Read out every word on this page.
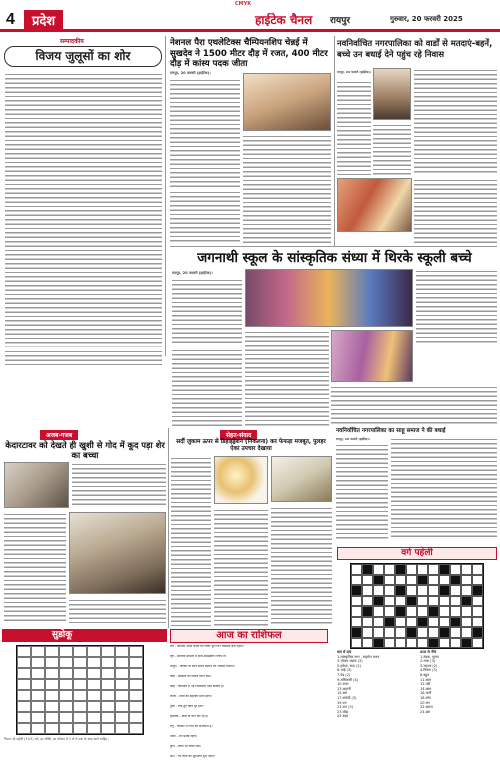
CMYK
4	प्रदेश	हाईटेक चैनल रायपुर	गुरुवार, 20 फरवरी 2025
सम्पादकीय
विजय जुलूसों का शोर
नेशनल पैरा एथलेटिक्स चैम्पियनशिप चेन्नई में सुखदेव ने 1500 मीटर दौड़ में रजत, 400 मीटर दौड़ में कांस्य पदक जीता
रायपुर, 20 फरवरी (हाईटेक)।
नवनिर्वाचित नगरपालिका को वार्डों से मतदाएं-बहनें, बच्चे उन बधाई देने पहुंच रहे निवास
रायपुर, 20 फरवरी (हाईटेक)।
जगनाथी स्कूल के सांस्कृतिक संध्या में थिरके स्कूली बच्चे
रायपुर, 20 फरवरी (हाईटेक)।
नवनिर्वाचित नगरपालिका का साहू समाज ने की बधाई
रायपुर, 20 फरवरी (हाईटेक)।
अजब-गजब
केदारटावर को देखते ही खुशी से गोद में कूद पड़ा शेर का बच्चा
सेहत-संवाद
सर्दी जुकाम ऊपर से डिहाइड्रेशन (निकलना) कर फेफड़ा मजबूत, पुलहर ऐका उपचार देखाया
सुडोकू
नियम: दो पहेली (3×3) वर्ग, हर पंक्ति, हर कॉलम में 1 से 9 तक के अंक आने चाहिए।
आज का राशिफल
मेष - आपको अपने कार्यों को लेकर पूरा दिन व्यस्तता बनी रहेगी।
वृष - आर्थिक मामलों में सोच-समझकर निर्णय लें।
मिथुन - परिवार के साथ समय बिताने का अवसर मिलेगा।
कर्क - स्वास्थ्य का विशेष ध्यान रखें।
सिंह - कार्यक्षेत्र में नई जिम्मेदारी मिल सकती है।
कन्या - मित्रों का सहयोग प्राप्त होगा।
तुला - रुके हुए कार्य पूरे होंगे।
वृश्चिक - यात्रा के योग बन रहे हैं।
धनु - व्यापार में लाभ की संभावना है।
मकर - मन प्रसन्न रहेगा।
कुंभ - वाणी पर संयम रखें।
मीन - नए कार्य की शुरुआत शुभ रहेगी।
वर्ग पहेली
बाएं से दाएं
1.सांस्कृतिक नगर , सहमेल भवन
3.भोजन रखना (3)
5.हमेशा, सदा (2)
6.भाई (3)
7.पेड़ (2)
9.अधिकारी (4)
10.राजा
13.कहानी
15.बल
17.सफेदी (3)
19.रण
21.रात (3)
23.घोड़ा
25.शहर
ऊपर से नीचे
1.ठंडक, सुगंध
2.राजा (3)
3.जहाज (2)
4.चित्रण (3)
8.बहुत
11.बाल
12.नदी
14.काम
16.पानी
18.लोग
20.धन
22.कमल
24.हवा
